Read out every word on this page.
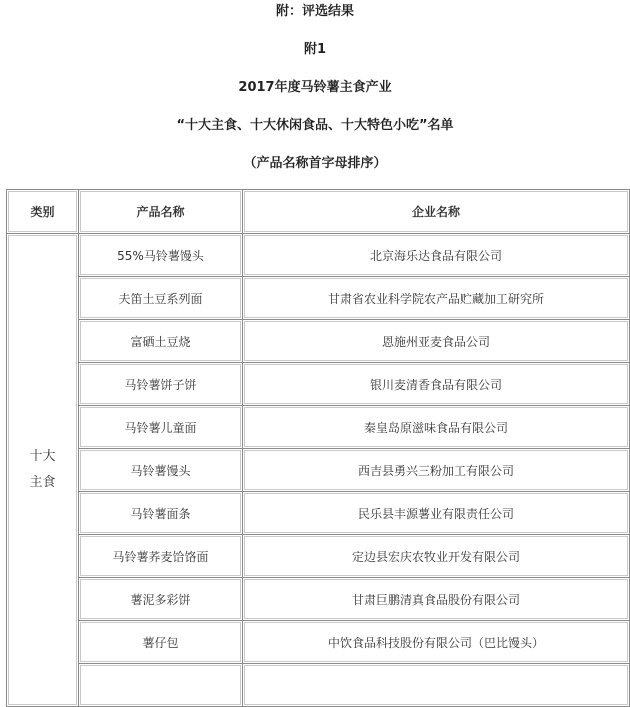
附：评选结果
附1
2017年度马铃薯主食产业
“十大主食、十大休闲食品、十大特色小吃”名单
（产品名称首字母排序）
类别	产品名称	企业名称

十大
主食	55%马铃薯馒头	北京海乐达食品有限公司
	夫笛土豆系列面	甘肃省农业科学院农产品贮藏加工研究所
	富硒土豆烧	恩施州亚麦食品公司
	马铃薯饼子饼	银川麦清香食品有限公司
	马铃薯儿童面	秦皇岛原滋味食品有限公司
	马铃薯馒头	西吉县勇兴三粉加工有限公司
	马铃薯面条	民乐县丰源薯业有限责任公司
	马铃薯荞麦饸饹面	定边县宏庆农牧业开发有限公司
	薯泥多彩饼	甘肃巨鹏清真食品股份有限公司
	薯仔包	中饮食品科技股份有限公司（巴比馒头）
